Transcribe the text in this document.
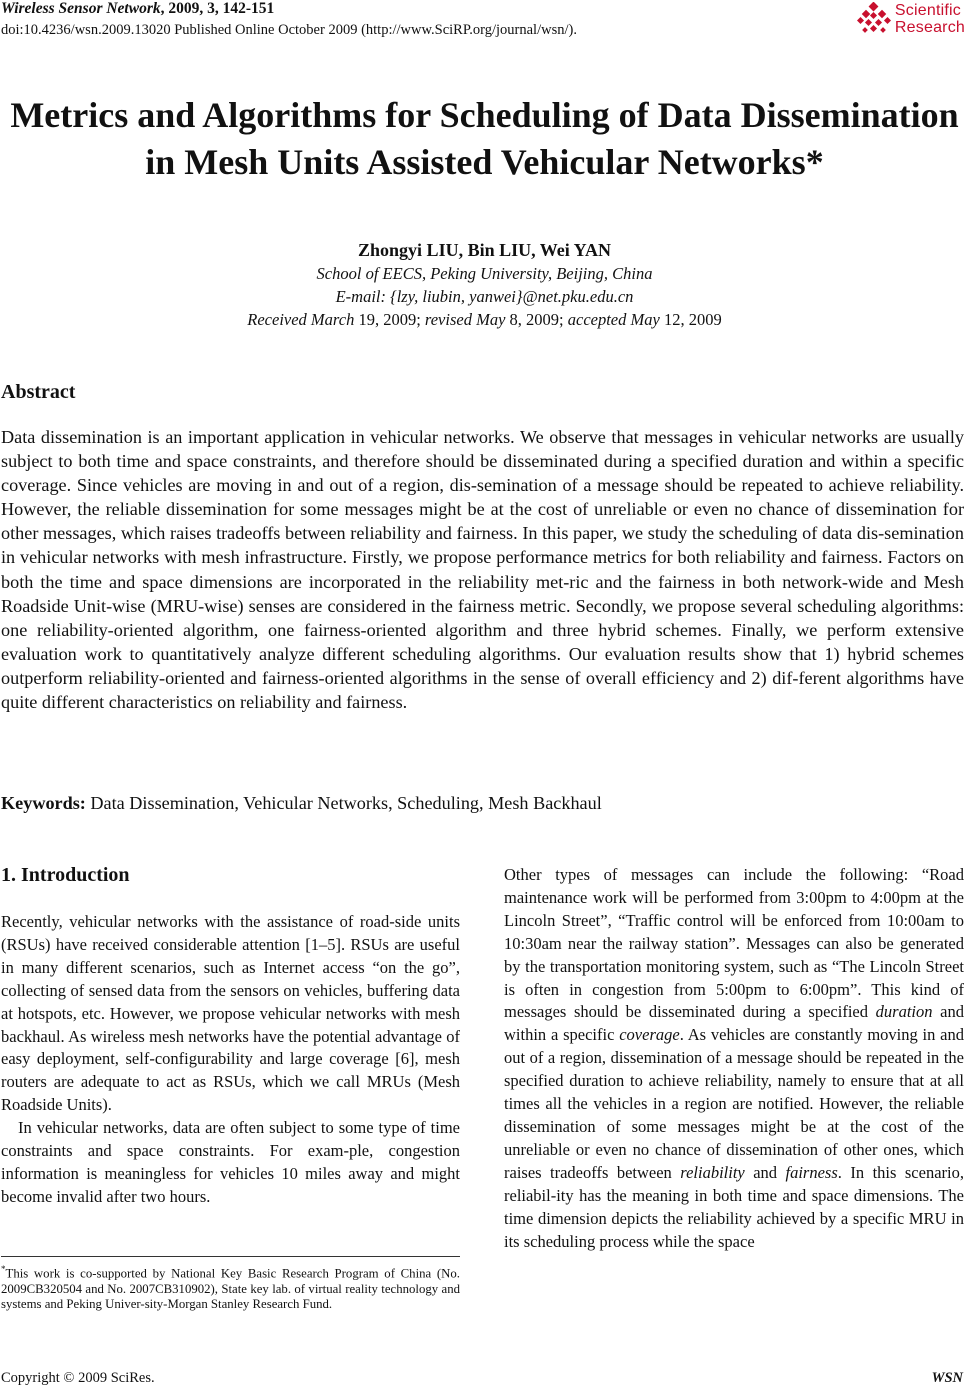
Wireless Sensor Network, 2009, 3, 142-151
doi:10.4236/wsn.2009.13020 Published Online October 2009 (http://www.SciRP.org/journal/wsn/).
Scientific
Research
Metrics and Algorithms for Scheduling of Data Dissemination
in Mesh Units Assisted Vehicular Networks*
Zhongyi LIU, Bin LIU, Wei YAN
School of EECS, Peking University, Beijing, China
E-mail: {lzy, liubin, yanwei}@net.pku.edu.cn
Received March 19, 2009; revised May 8, 2009; accepted May 12, 2009
Abstract
Data dissemination is an important application in vehicular networks. We observe that messages in vehicular networks are usually subject to both time and space constraints, and therefore should be disseminated during a specified duration and within a specific coverage. Since vehicles are moving in and out of a region, dis-semination of a message should be repeated to achieve reliability. However, the reliable dissemination for some messages might be at the cost of unreliable or even no chance of dissemination for other messages, which raises tradeoffs between reliability and fairness. In this paper, we study the scheduling of data dis-semination in vehicular networks with mesh infrastructure. Firstly, we propose performance metrics for both reliability and fairness. Factors on both the time and space dimensions are incorporated in the reliability met-ric and the fairness in both network-wide and Mesh Roadside Unit-wise (MRU-wise) senses are considered in the fairness metric. Secondly, we propose several scheduling algorithms: one reliability-oriented algorithm, one fairness-oriented algorithm and three hybrid schemes. Finally, we perform extensive evaluation work to quantitatively analyze different scheduling algorithms. Our evaluation results show that 1) hybrid schemes outperform reliability-oriented and fairness-oriented algorithms in the sense of overall efficiency and 2) dif-ferent algorithms have quite different characteristics on reliability and fairness.
Keywords: Data Dissemination, Vehicular Networks, Scheduling, Mesh Backhaul
1. Introduction

Recently, vehicular networks with the assistance of road-side units (RSUs) have received considerable attention [1–5]. RSUs are useful in many different scenarios, such as Internet access “on the go”, collecting of sensed data from the sensors on vehicles, buffering data at hotspots, etc. However, we propose vehicular networks with mesh backhaul. As wireless mesh networks have the potential advantage of easy deployment, self-configurability and large coverage [6], mesh routers are adequate to act as RSUs, which we call MRUs (Mesh Roadside Units).

In vehicular networks, data are often subject to some type of time constraints and space constraints. For exam-ple, congestion information is meaningless for vehicles 10 miles away and might become invalid after two hours.

Other types of messages can include the following: “Road maintenance work will be performed from 3:00pm to 4:00pm at the Lincoln Street”, “Traffic control will be enforced from 10:00am to 10:30am near the railway station”. Messages can also be generated by the transportation monitoring system, such as “The Lincoln Street is often in congestion from 5:00pm to 6:00pm”. This kind of messages should be disseminated during a specified duration and within a specific coverage. As vehicles are constantly moving in and out of a region, dissemination of a message should be repeated in the specified duration to achieve reliability, namely to ensure that at all times all the vehicles in a region are notified. However, the reliable dissemination of some messages might be at the cost of the unreliable or even no chance of dissemination of other ones, which raises tradeoffs between reliability and fairness. In this scenario, reliabil-ity has the meaning in both time and space dimensions. The time dimension depicts the reliability achieved by a specific MRU in its scheduling process while the space
*This work is co-supported by National Key Basic Research Program of China (No. 2009CB320504 and No. 2007CB310902), State key lab. of virtual reality technology and systems and Peking Univer-sity-Morgan Stanley Research Fund.
Copyright © 2009 SciRes.	WSN
